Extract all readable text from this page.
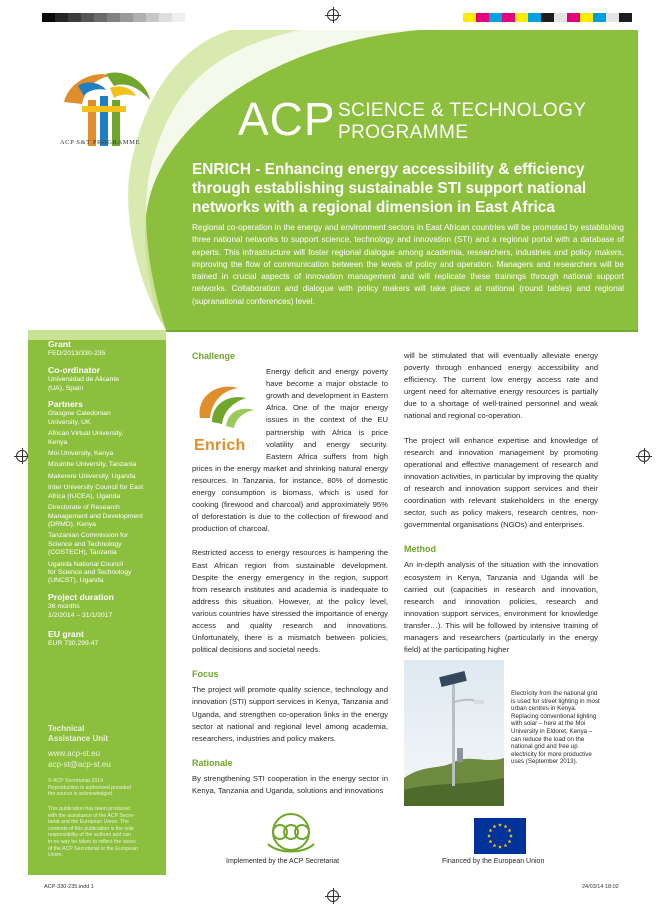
ACP S&T PROGRAMME	ACP SCIENCE & TECHNOLOGY
PROGRAMME
ENRICH - Enhancing energy accessibility & efficiency
through establishing sustainable STI support national
networks with a regional dimension in East Africa
Regional co-operation in the energy and environment sectors in East African countries will be promoted by establishing three national networks to support science, technology and innovation (STI) and a regional portal with a database of experts. This infrastructure will foster regional dialogue among academia, researchers, industries and policy makers, improving the flow of communication between the levels of policy and operation. Managers and researchers will be trained in crucial aspects of innovation management and will replicate these trainings through national support networks. Collaboration and dialogue with policy makers will take place at national (round tables) and regional (supranational conferences) level.
Grant
FED/2013/330-235
Co-ordinator
Universidad de Alicante
(UA), Spain
Partners
Glasgow Caledonian
University, UK
African Virtual University,
Kenya
Moi University, Kenya
Mzumbe University, Tanzania
Makerere University, Uganda
Inter University Council for East
Africa (IUCEA), Uganda
Directorate of Research
Management and Development
(DRMD), Kenya
Tanzanian Commission for
Science and Technology
(COSTECH), Tanzania
Uganda National Council
for Science and Technology
(UNCST), Uganda
Project duration
36 months
1/2/2014 – 31/1/2017
EU grant
EUR 730,299.47
Technical
Assistance Unit
www.acp-st.eu
acp-st@acp-st.eu
© ACP Secretariat 2014
Reproduction is authorised provided
the source is acknowledged.
This publication has been produced
with the assistance of the ACP Secre-
tariat and the European Union. The
contents of this publication is the sole
responsibility of the authors and can
in no way be taken to reflect the views
of the ACP Secretariat or the European
Union.
Challenge
Enrich
Energy deficit and energy poverty have become a major obstacle to growth and development in Eastern Africa. One of the major energy issues in the context of the EU partnership with Africa is price volatility and energy security. Eastern Africa suffers from high prices in the energy market and shrinking natural energy resources. In Tanzania, for instance, 80% of domestic energy consumption is biomass, which is used for cooking (firewood and charcoal) and approximately 95% of deforestation is due to the collection of firewood and production of charcoal.
Restricted access to energy resources is hampering the East African region from sustainable development. Despite the energy emergency in the region, support from research institutes and academia is inadequate to address this situation. However, at the policy level, various countries have stressed the importance of energy access and quality research and innovations. Unfortunately, there is a mismatch between policies, political decisions and societal needs.
Focus
The project will promote quality science, technology and innovation (STI) support services in Kenya, Tanzania and Uganda, and strengthen co-operation links in the energy sector at national and regional level among academia, researchers, industries and policy makers.
Rationale
By strengthening STI cooperation in the energy sector in Kenya, Tanzania and Uganda, solutions and innovations
will be stimulated that will eventually alleviate energy poverty through enhanced energy accessibility and efficiency. The current low energy access rate and urgent need for alternative energy resources is partially due to a shortage of well-trained personnel and weak national and regional co-operation.
The project will enhance expertise and knowledge of research and innovation management by promoting operational and effective management of research and innovation activities, in particular by improving the quality of research and innovation support services and their coordination with relevant stakeholders in the energy sector, such as policy makers, research centres, non-governmental organisations (NGOs) and enterprises.
Method
An in-depth analysis of the situation with the innovation ecosystem in Kenya, Tanzania and Uganda will be carried out (capacities in research and innovation, research and innovation policies, research and innovation support services, environment for knowledge transfer…). This will be followed by intensive training of managers and researchers (particularly in the energy field) at the participating higher
Electricity from the national grid is used for street lighting in most urban centres in Kenya. Replacing conventional lighting with solar – here at the Moi University in Eldoret, Kenya – can reduce the load on the national grid and free up electricity for more productive uses (September 2013).
Implemented by the ACP Secretariat	Financed by the European Union
ACP-330-235.indd 1	24/03/14 18:02
